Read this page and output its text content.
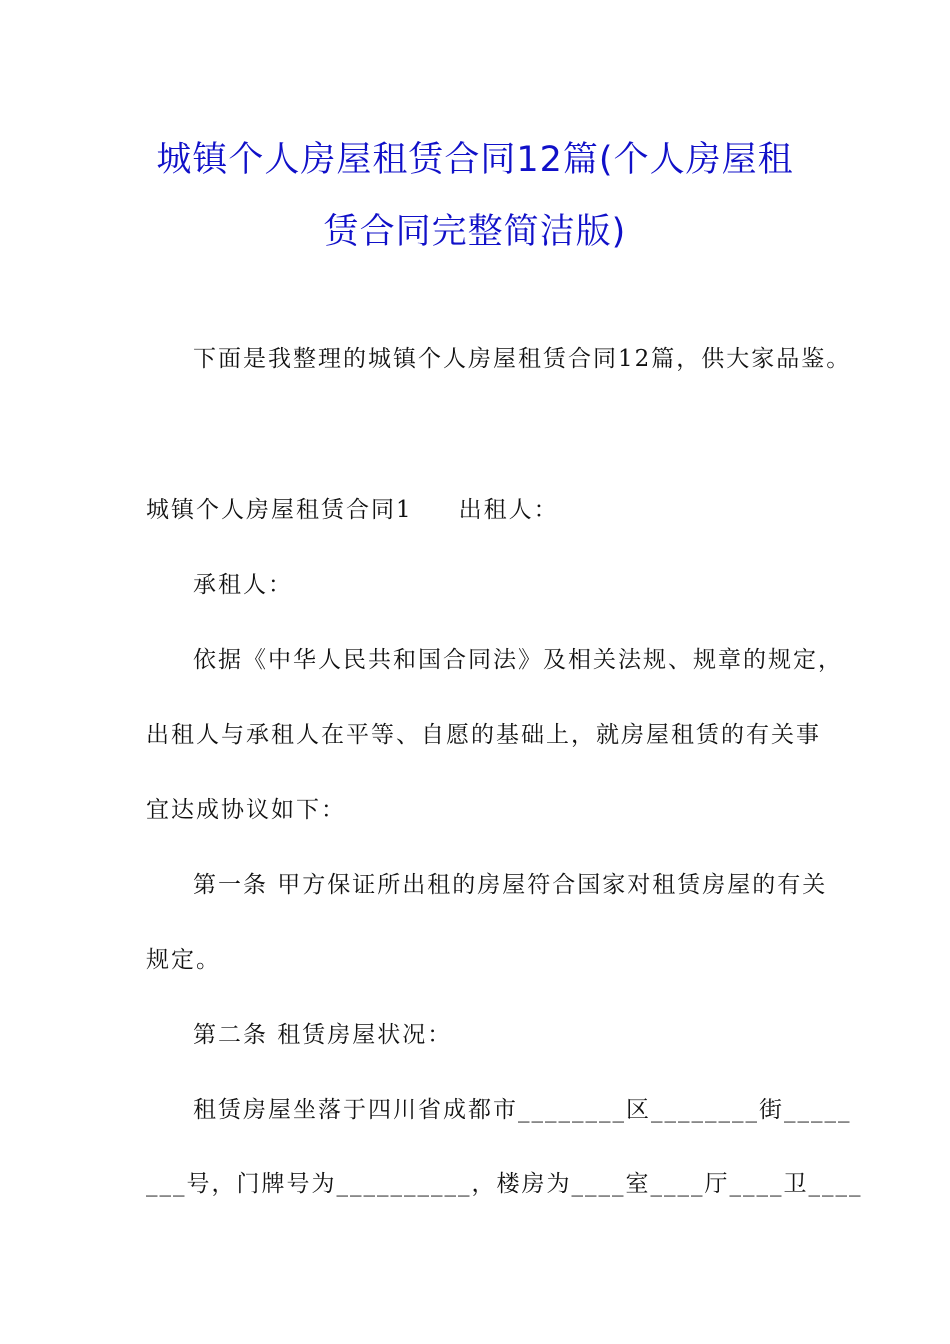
城镇个人房屋租赁合同12篇(个人房屋租
赁合同完整简洁版)
下面是我整理的城镇个人房屋租赁合同12篇，供大家品鉴。
城镇个人房屋租赁合同1 出租人：
承租人：
依据《中华人民共和国合同法》及相关法规、规章的规定，
出租人与承租人在平等、自愿的基础上，就房屋租赁的有关事
宜达成协议如下：
第一条 甲方保证所出租的房屋符合国家对租赁房屋的有关
规定。
第二条 租赁房屋状况：
租赁房屋坐落于四川省成都市________区________街_____
___号，门牌号为__________，楼房为____室____厅____卫____
